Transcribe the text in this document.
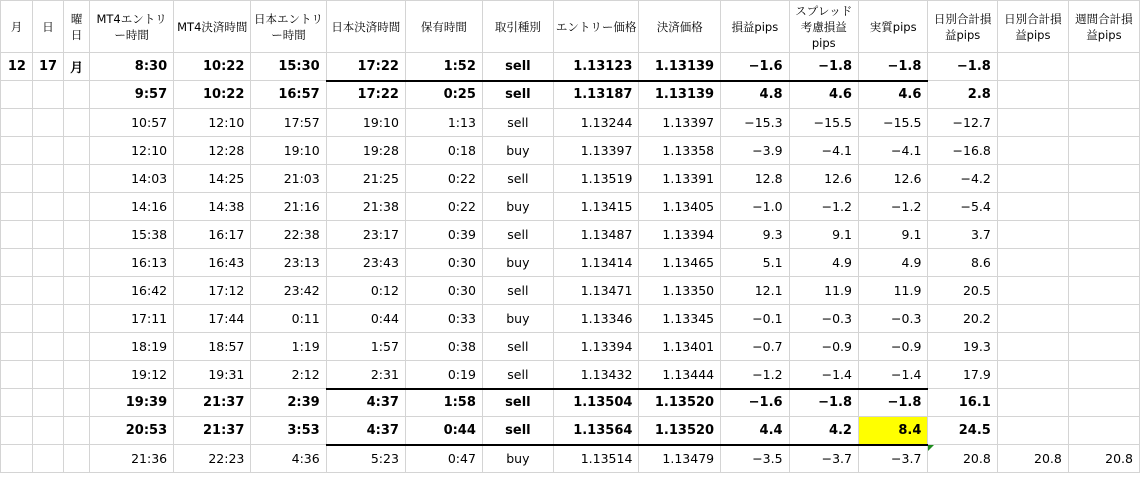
月	日	曜日	MT4エントリー時間	MT4決済時間	日本エントリー時間	日本決済時間	保有時間	取引種別	エントリー価格	決済価格	損益pips	スプレッド考慮損益pips	実質pips	日別合計損益pips	日別合計損益pips	週間合計損益pips
12	17	月	8:30	10:22	15:30	17:22	1:52	sell	1.13123	1.13139	−1.6	−1.8	−1.8	−1.8		
			9:57	10:22	16:57	17:22	0:25	sell	1.13187	1.13139	4.8	4.6	4.6	2.8		
			10:57	12:10	17:57	19:10	1:13	sell	1.13244	1.13397	−15.3	−15.5	−15.5	−12.7		
			12:10	12:28	19:10	19:28	0:18	buy	1.13397	1.13358	−3.9	−4.1	−4.1	−16.8		
			14:03	14:25	21:03	21:25	0:22	sell	1.13519	1.13391	12.8	12.6	12.6	−4.2		
			14:16	14:38	21:16	21:38	0:22	buy	1.13415	1.13405	−1.0	−1.2	−1.2	−5.4		
			15:38	16:17	22:38	23:17	0:39	sell	1.13487	1.13394	9.3	9.1	9.1	3.7		
			16:13	16:43	23:13	23:43	0:30	buy	1.13414	1.13465	5.1	4.9	4.9	8.6		
			16:42	17:12	23:42	0:12	0:30	sell	1.13471	1.13350	12.1	11.9	11.9	20.5		
			17:11	17:44	0:11	0:44	0:33	buy	1.13346	1.13345	−0.1	−0.3	−0.3	20.2		
			18:19	18:57	1:19	1:57	0:38	sell	1.13394	1.13401	−0.7	−0.9	−0.9	19.3		
			19:12	19:31	2:12	2:31	0:19	sell	1.13432	1.13444	−1.2	−1.4	−1.4	17.9		
			19:39	21:37	2:39	4:37	1:58	sell	1.13504	1.13520	−1.6	−1.8	−1.8	16.1		
			20:53	21:37	3:53	4:37	0:44	sell	1.13564	1.13520	4.4	4.2	8.4	24.5		
			21:36	22:23	4:36	5:23	0:47	buy	1.13514	1.13479	−3.5	−3.7	−3.7	20.8	20.8	20.8
